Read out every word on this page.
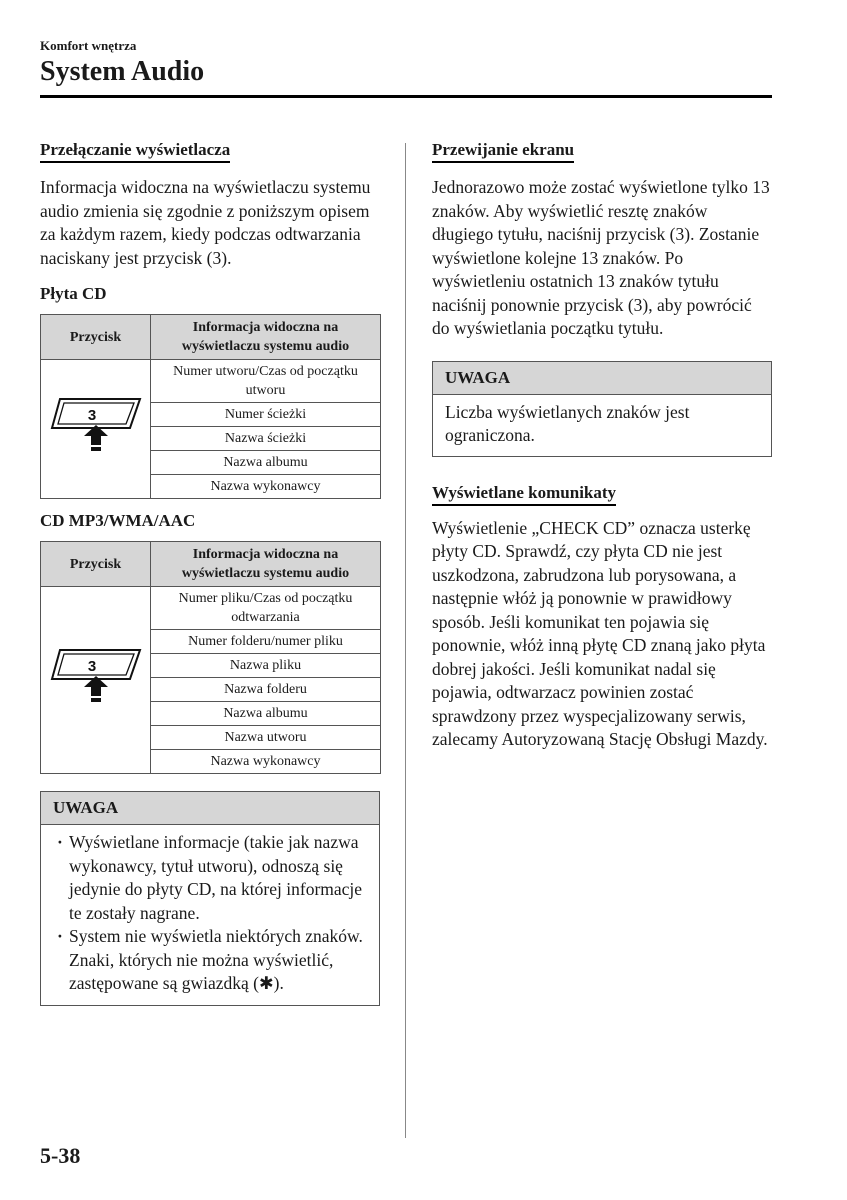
Komfort wnętrza
System Audio
Przełączanie wyświetlacza

Informacja widoczna na wyświetlaczu systemu audio zmienia się zgodnie z poniższym opisem za każdym razem, kiedy podczas odtwarzania naciskany jest przycisk (3).

Płyta CD

Przycisk	Informacja widoczna na wyświetlaczu systemu audio

3	Numer utworu/Czas od początku utworu
	Numer ścieżki
	Nazwa ścieżki
	Nazwa albumu
	Nazwa wykonawcy

CD MP3/WMA/AAC

Przycisk	Informacja widoczna na wyświetlaczu systemu audio

3	Numer pliku/Czas od początku odtwarzania
	Numer folderu/numer pliku
	Nazwa pliku
	Nazwa folderu
	Nazwa albumu
	Nazwa utworu
	Nazwa wykonawcy
UWAGA
· Wyświetlane informacje (takie jak nazwa wykonawcy, tytuł utworu), odnoszą się jedynie do płyty CD, na której informacje te zostały nagrane.
· System nie wyświetla niektórych znaków. Znaki, których nie można wyświetlić, zastępowane są gwiazdką (✱).
Przewijanie ekranu

Jednorazowo może zostać wyświetlone tylko 13 znaków. Aby wyświetlić resztę znaków długiego tytułu, naciśnij przycisk (3). Zostanie wyświetlone kolejne 13 znaków. Po wyświetleniu ostatnich 13 znaków tytułu naciśnij ponownie przycisk (3), aby powrócić do wyświetlania początku tytułu.

UWAGA
Liczba wyświetlanych znaków jest ograniczona.
Wyświetlane komunikaty

Wyświetlenie „CHECK CD” oznacza usterkę płyty CD. Sprawdź, czy płyta CD nie jest uszkodzona, zabrudzona lub porysowana, a następnie włóż ją ponownie w prawidłowy sposób. Jeśli komunikat ten pojawia się ponownie, włóż inną płytę CD znaną jako płyta dobrej jakości. Jeśli komunikat nadal się pojawia, odtwarzacz powinien zostać sprawdzony przez wyspecjalizowany serwis, zalecamy Autoryzowaną Stację Obsługi Mazdy.

5-38
